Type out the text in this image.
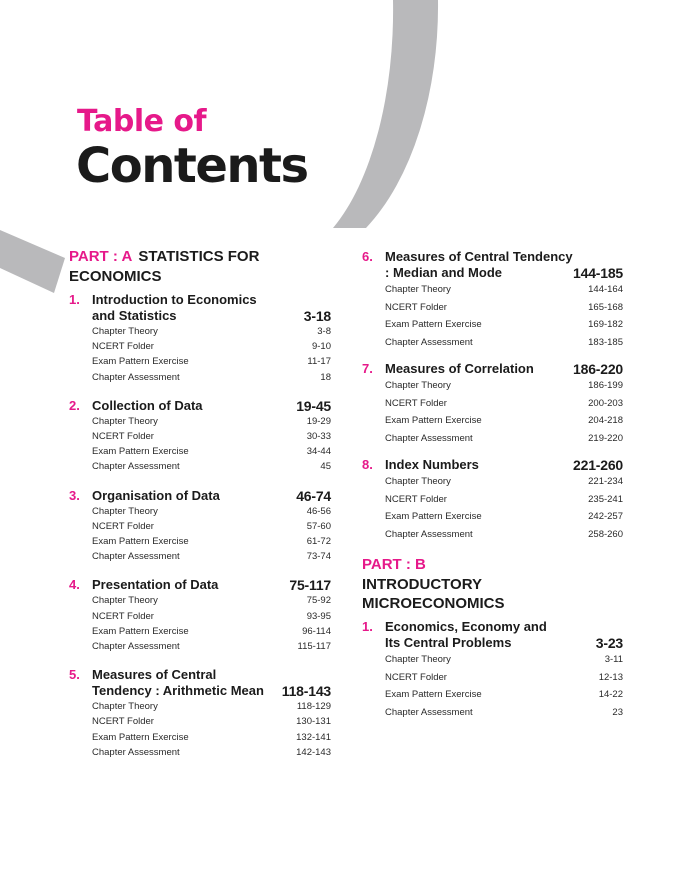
Table of
Contents
PART : A STATISTICS FOR ECONOMICS
1. Introduction to Economics and Statistics	3-18
Chapter Theory	3-8
NCERT Folder	9-10
Exam Pattern Exercise	11-17
Chapter Assessment	18
2. Collection of Data	19-45
Chapter Theory	19-29
NCERT Folder	30-33
Exam Pattern Exercise	34-44
Chapter Assessment	45
3. Organisation of Data	46-74
Chapter Theory	46-56
NCERT Folder	57-60
Exam Pattern Exercise	61-72
Chapter Assessment	73-74
4. Presentation of Data	75-117
Chapter Theory	75-92
NCERT Folder	93-95
Exam Pattern Exercise	96-114
Chapter Assessment	115-117
5. Measures of Central Tendency : Arithmetic Mean 118-143
Chapter Theory	118-129
NCERT Folder	130-131
Exam Pattern Exercise	132-141
Chapter Assessment	142-143
6. Measures of Central Tendency : Median and Mode	144-185
Chapter Theory	144-164
NCERT Folder	165-168
Exam Pattern Exercise	169-182
Chapter Assessment	183-185
7. Measures of Correlation	186-220
Chapter Theory	186-199
NCERT Folder	200-203
Exam Pattern Exercise	204-218
Chapter Assessment	219-220
8. Index Numbers	221-260
Chapter Theory	221-234
NCERT Folder	235-241
Exam Pattern Exercise	242-257
Chapter Assessment	258-260
PART : B
INTRODUCTORY MICROECONOMICS
1. Economics, Economy and Its Central Problems	3-23
Chapter Theory	3-11
NCERT Folder	12-13
Exam Pattern Exercise	14-22
Chapter Assessment	23
